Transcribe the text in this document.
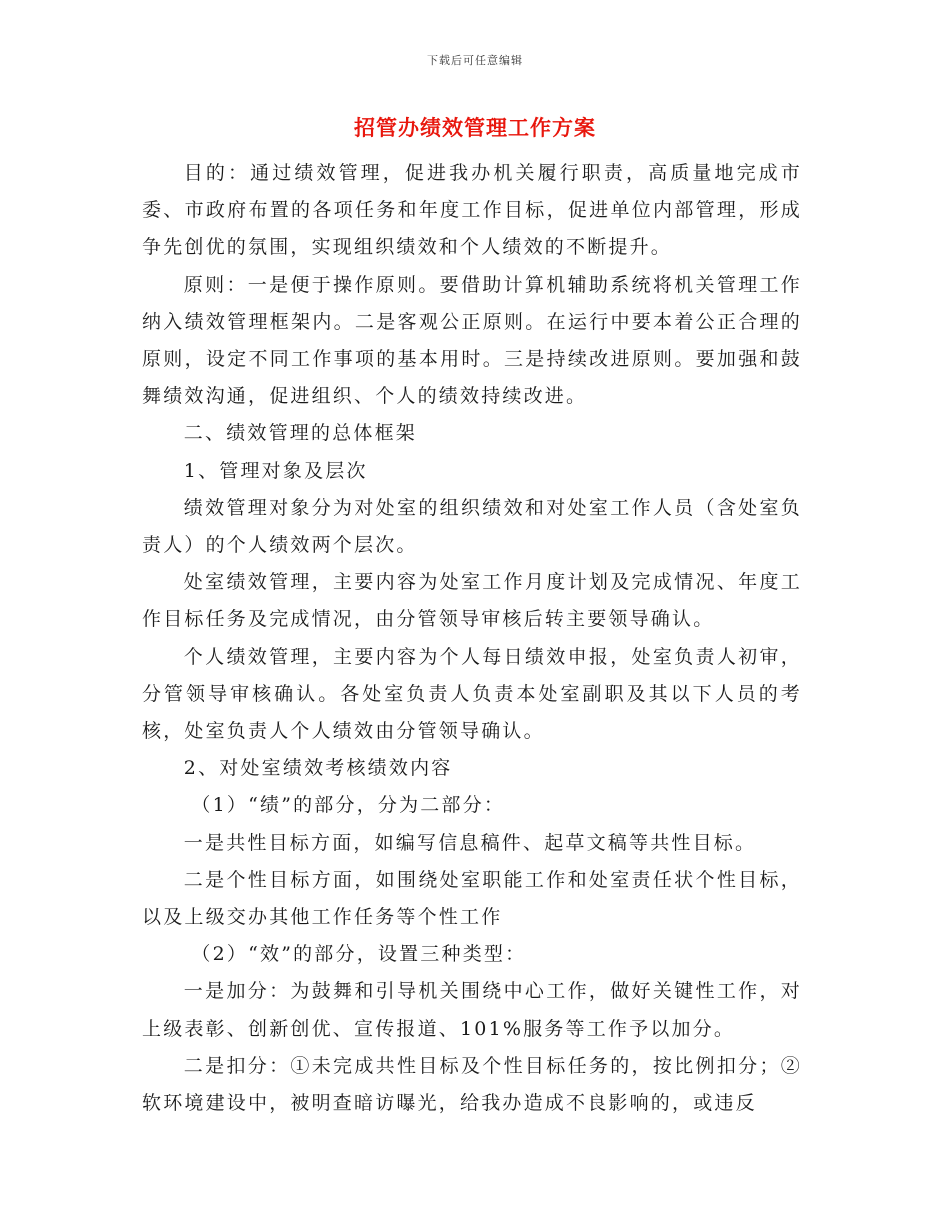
下载后可任意编辑
招管办绩效管理工作方案

目的：通过绩效管理，促进我办机关履行职责，高质量地完成市委、市政府布置的各项任务和年度工作目标，促进单位内部管理，形成争先创优的氛围，实现组织绩效和个人绩效的不断提升。

原则：一是便于操作原则。要借助计算机辅助系统将机关管理工作纳入绩效管理框架内。二是客观公正原则。在运行中要本着公正合理的原则，设定不同工作事项的基本用时。三是持续改进原则。要加强和鼓舞绩效沟通，促进组织、个人的绩效持续改进。

二、绩效管理的总体框架

1、管理对象及层次

绩效管理对象分为对处室的组织绩效和对处室工作人员（含处室负责人）的个人绩效两个层次。

处室绩效管理，主要内容为处室工作月度计划及完成情况、年度工作目标任务及完成情况，由分管领导审核后转主要领导确认。

个人绩效管理，主要内容为个人每日绩效申报，处室负责人初审，分管领导审核确认。各处室负责人负责本处室副职及其以下人员的考核，处室负责人个人绩效由分管领导确认。

2、对处室绩效考核绩效内容

（1）“绩”的部分，分为二部分：

一是共性目标方面，如编写信息稿件、起草文稿等共性目标。

二是个性目标方面，如围绕处室职能工作和处室责任状个性目标，以及上级交办其他工作任务等个性工作

（2）“效”的部分，设置三种类型：

一是加分：为鼓舞和引导机关围绕中心工作，做好关键性工作，对上级表彰、创新创优、宣传报道、101%服务等工作予以加分。

二是扣分：①未完成共性目标及个性目标任务的，按比例扣分；②软环境建设中，被明查暗访曝光，给我办造成不良影响的，或违反
